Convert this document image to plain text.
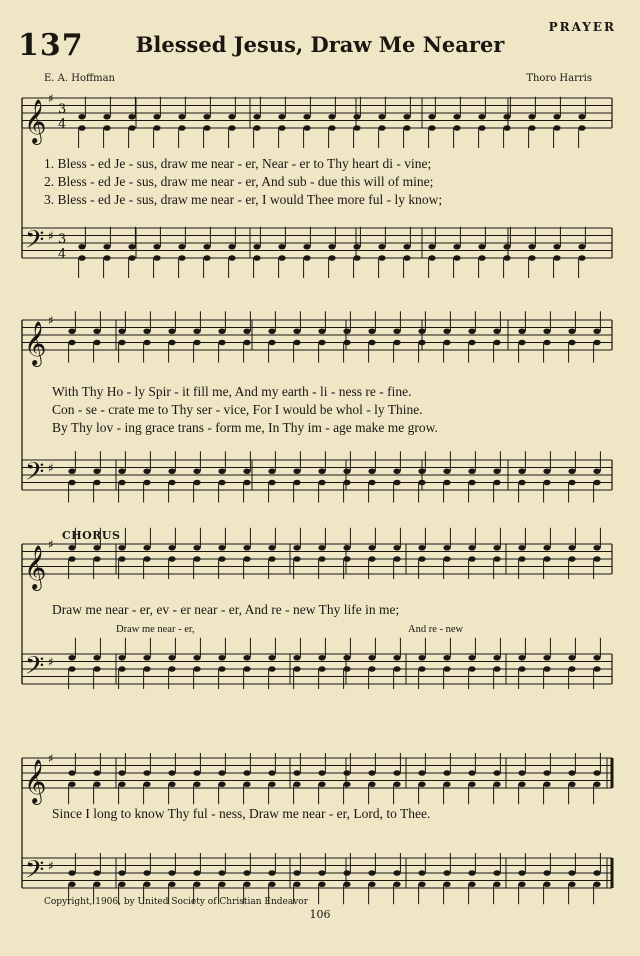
137	Blessed Jesus, Draw Me Nearer
PRAYER
E. A. Hoffman	Thoro Harris
𝄞
♯
3
4
𝄢 ♯ 3
4
𝄞
♯
𝄢 ♯
𝄞
♯
𝄢 ♯
𝄞
♯
𝄢 ♯
1. Bless - ed Je - sus, draw me near - er, Near - er to Thy heart di - vine;
2. Bless - ed Je - sus, draw me near - er, And sub - due this will of mine;
3. Bless - ed Je - sus, draw me near - er, I would Thee more ful - ly know;
With Thy Ho - ly Spir - it fill me, And my earth - li - ness re - fine.
Con - se - crate me to Thy ser - vice, For I would be whol - ly Thine.
By Thy lov - ing grace trans - form me, In Thy im - age make me grow.
CHORUS
Draw me near - er, ev - er near - er, And re - new Thy life in me;
Draw me near - er,	And re - new
Since I long to know Thy ful - ness, Draw me near - er, Lord, to Thee.
Copyright, 1906, by United Society of Christian Endeavor
106
